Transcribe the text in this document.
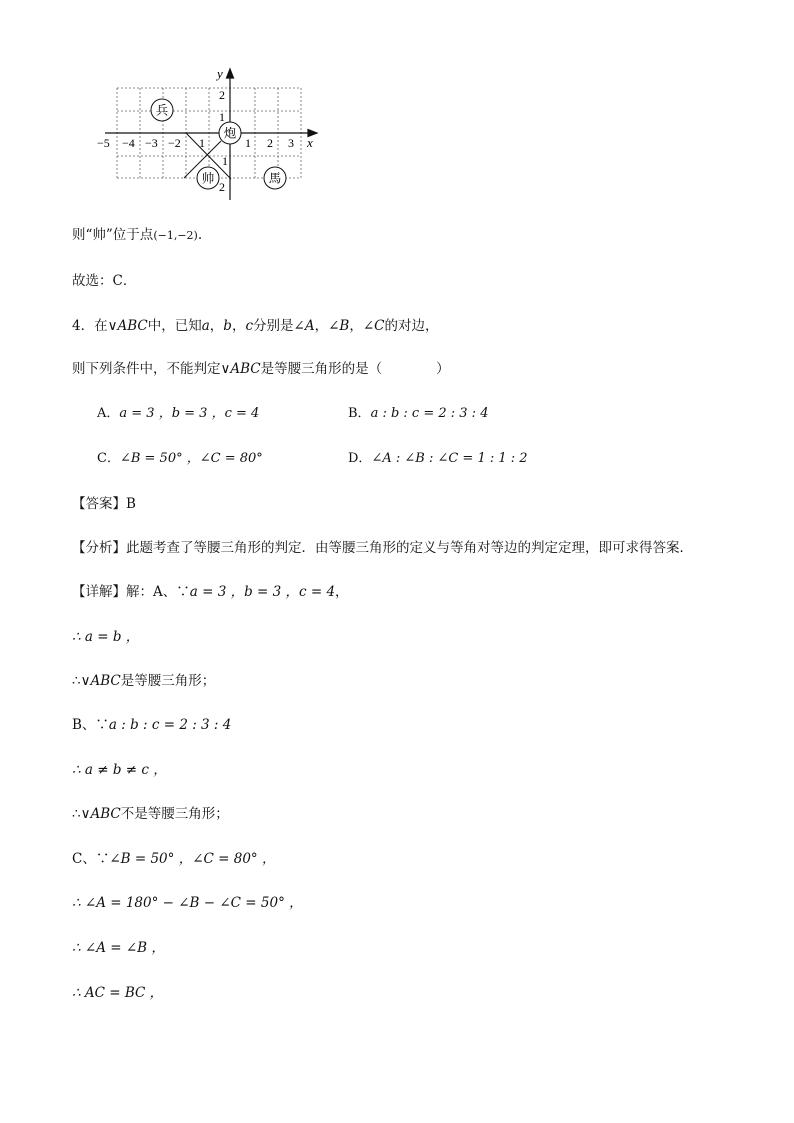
x
y
−5 −4 −3 −2 1	1 2 3
2
1
1
2
兵
炮
帅	馬
则“帅”位于点(−1,−2).
故选：C．
4．在∨ABC中，已知a，b，c分别是∠A，∠B，∠C的对边，
则下列条件中，不能判定∨ABC是等腰三角形的是（　　　　）
A．a = 3 ，b = 3 ，c = 4	B．a : b : c = 2 : 3 : 4
C．∠B = 50° ，∠C = 80°	D．∠A : ∠B : ∠C = 1 : 1 : 2
【答案】B
【分析】此题考查了等腰三角形的判定．由等腰三角形的定义与等角对等边的判定定理，即可求得答案．
【详解】解：A、∵a = 3 ，b = 3 ，c = 4，
∴ a = b ，
∴∨ABC是等腰三角形；
B、∵a : b : c = 2 : 3 : 4
∴ a ≠ b ≠ c ，
∴∨ABC不是等腰三角形；
C、∵∠B = 50° ，∠C = 80° ，
∴ ∠A = 180° − ∠B − ∠C = 50° ，
∴ ∠A = ∠B ，
∴ AC = BC ，
